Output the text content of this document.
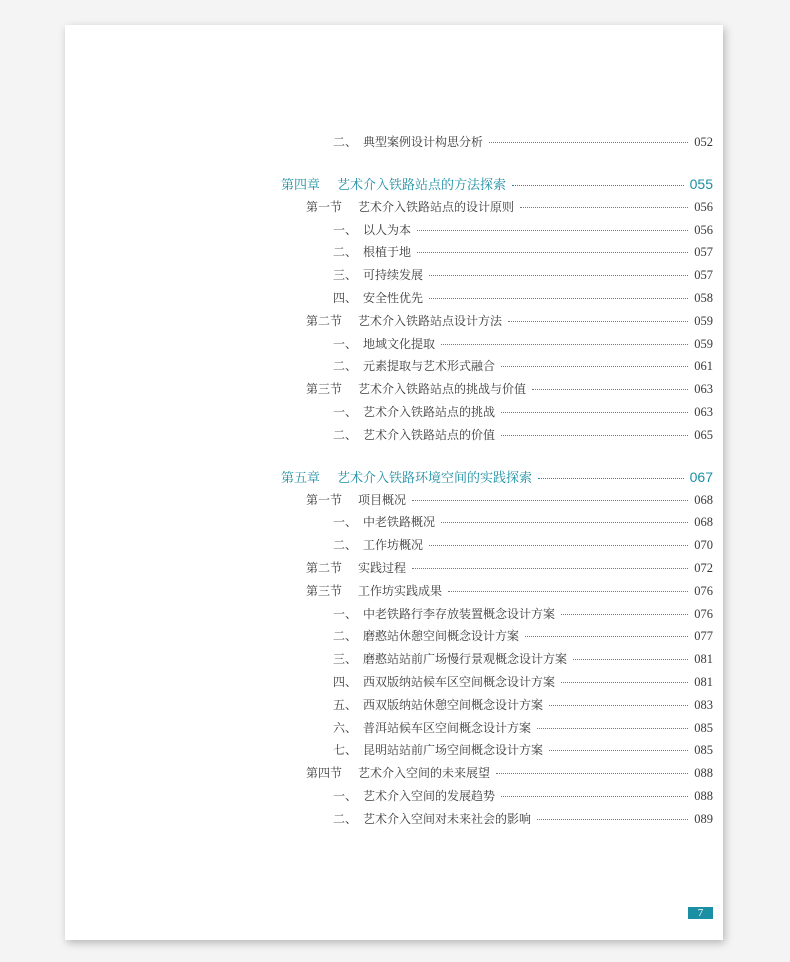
二、 典型案例设计构思分析	052
第四章	艺术介入铁路站点的方法探索	055
第一节	艺术介入铁路站点的设计原则	056
一、 以人为本	056
二、 根植于地	057
三、 可持续发展	057
四、 安全性优先	058
第二节	艺术介入铁路站点设计方法	059
一、 地域文化提取	059
二、 元素提取与艺术形式融合	061
第三节	艺术介入铁路站点的挑战与价值	063
一、 艺术介入铁路站点的挑战	063
二、 艺术介入铁路站点的价值	065
第五章	艺术介入铁路环境空间的实践探索	067
第一节	项目概况	068
一、 中老铁路概况	068
二、 工作坊概况	070
第二节	实践过程	072
第三节	工作坊实践成果	076
一、 中老铁路行李存放装置概念设计方案	076
二、 磨憨站休憩空间概念设计方案	077
三、 磨憨站站前广场慢行景观概念设计方案	081
四、 西双版纳站候车区空间概念设计方案	081
五、 西双版纳站休憩空间概念设计方案	083
六、 普洱站候车区空间概念设计方案	085
七、 昆明站站前广场空间概念设计方案	085
第四节	艺术介入空间的未来展望	088
一、 艺术介入空间的发展趋势	088
二、 艺术介入空间对未来社会的影响	089
7
